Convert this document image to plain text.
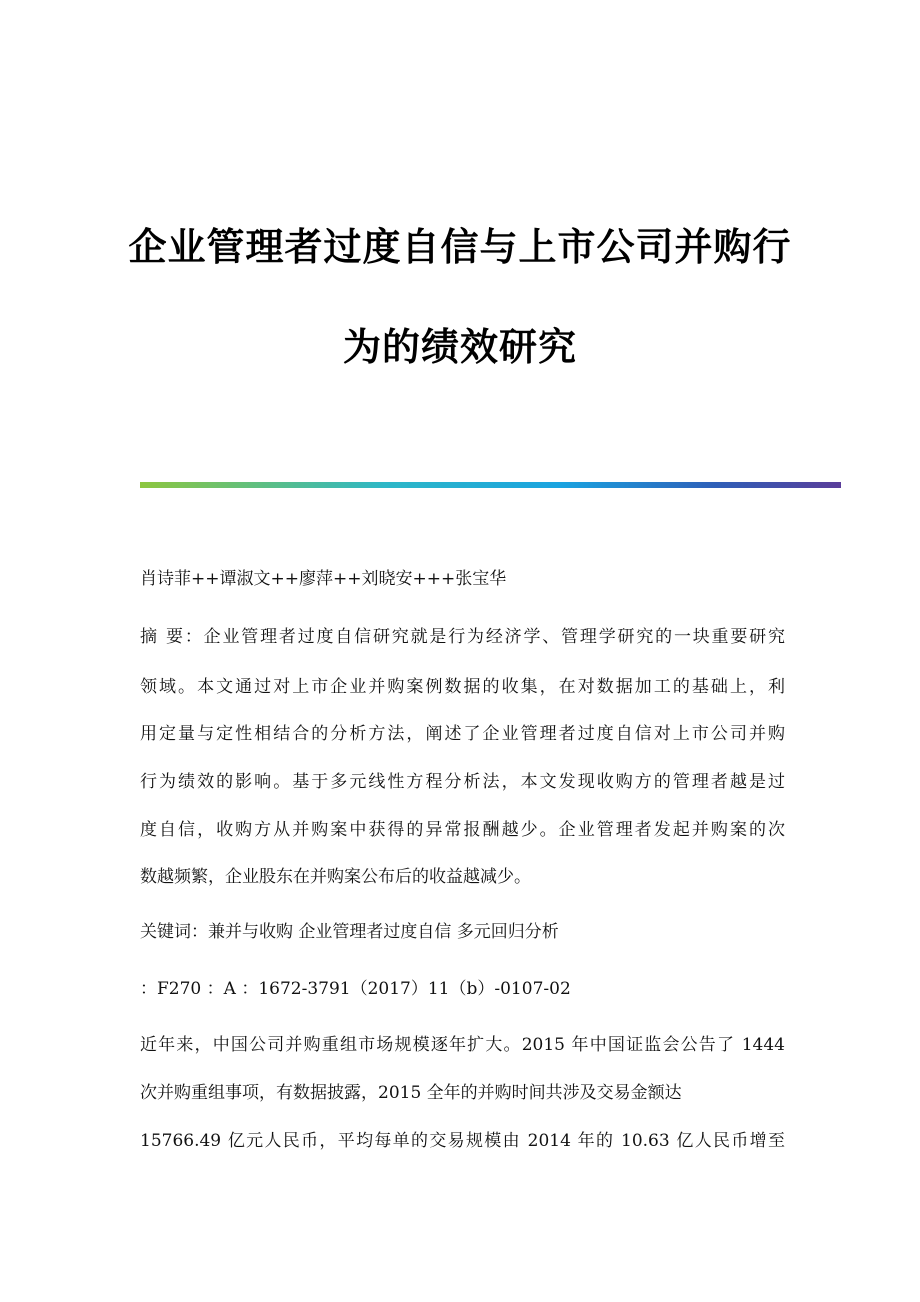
企业管理者过度自信与上市公司并购行
为的绩效研究
肖诗菲++谭淑文++廖萍++刘晓安+++张宝华
摘 要：企业管理者过度自信研究就是行为经济学、管理学研究的一块重要研究
领域。本文通过对上市企业并购案例数据的收集，在对数据加工的基础上，利
用定量与定性相结合的分析方法，阐述了企业管理者过度自信对上市公司并购
行为绩效的影响。基于多元线性方程分析法，本文发现收购方的管理者越是过
度自信，收购方从并购案中获得的异常报酬越少。企业管理者发起并购案的次
数越频繁，企业股东在并购案公布后的收益越减少。
关键词：兼并与收购 企业管理者过度自信 多元回归分析
：F270 ：A ：1672-3791（2017）11（b）-0107-02
近年来，中国公司并购重组市场规模逐年扩大。2015 年中国证监会公告了 1444
次并购重组事项，有数据披露，2015 全年的并购时间共涉及交易金额达
15766.49 亿元人民币，平均每单的交易规模由 2014 年的 10.63 亿人民币增至
